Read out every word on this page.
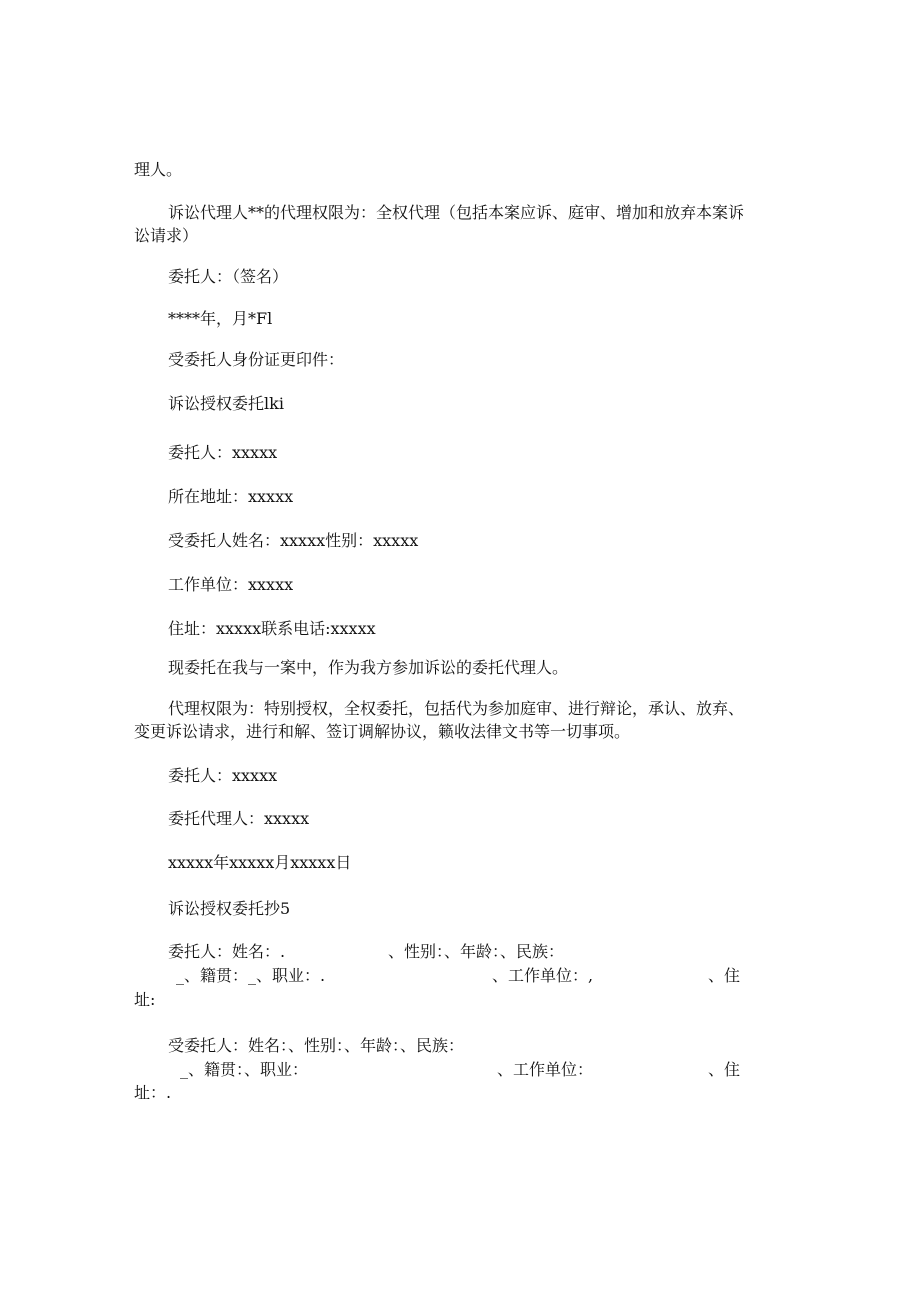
理人。
诉讼代理人**的代理权限为：全权代理（包括本案应诉、庭审、增加和放弃本案诉
讼请求）
委托人：（签名）
****年，月*Fl
受委托人身份证更印件：
诉讼授权委托lki
委托人：xxxxx
所在地址：xxxxx
受委托人姓名：xxxxx性别：xxxxx
工作单位：xxxxx
住址：xxxxx联系电话:xxxxx
现委托在我与一案中，作为我方参加诉讼的委托代理人。
代理权限为：特别授权，全权委托，包括代为参加庭审、进行辩论，承认、放弃、
变更诉讼请求，进行和解、签订调解协议，籁收法律文书等一切事项。
委托人：xxxxx
委托代理人：xxxxx
xxxxx年xxxxx月xxxxx日
诉讼授权委托抄5
委托人：姓名：.	、性别：、年龄：、民族：
_、籍贯：_、职业：.	、工作单位：,	、住
址:
受委托人：姓名：、性别：、年龄：、民族：
_、籍贯：、职业：	、工作单位：	、住
址：.
